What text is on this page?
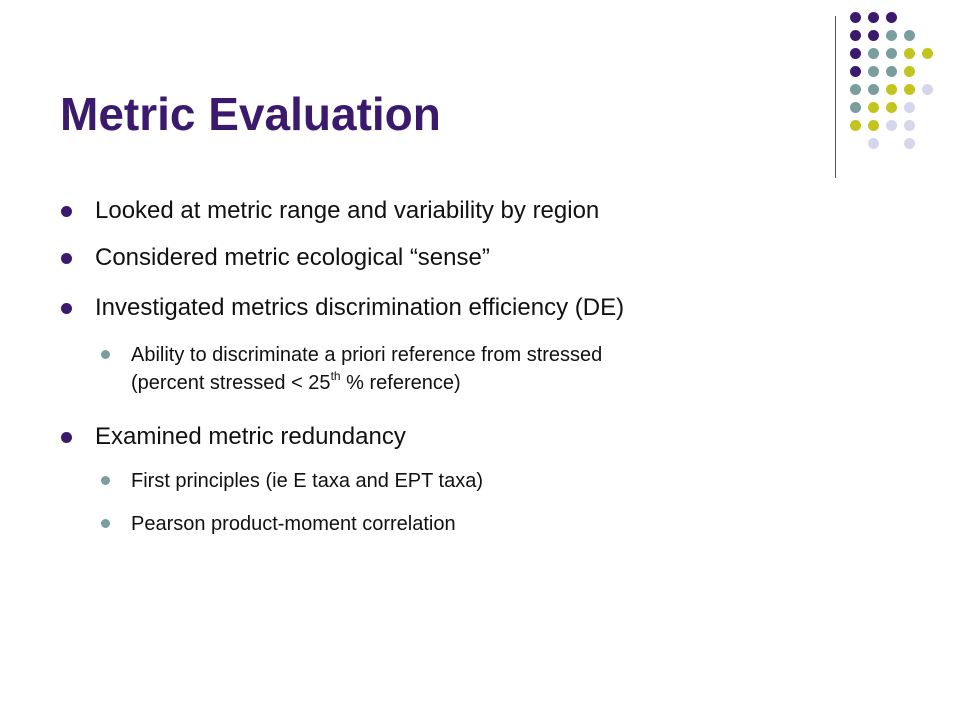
Metric Evaluation
Looked at metric range and variability by region
Considered metric ecological “sense”
Investigated metrics discrimination efficiency (DE)
Ability to discriminate a priori reference from stressed
(percent stressed < 25th % reference)
Examined metric redundancy
First principles (ie E taxa and EPT taxa)
Pearson product-moment correlation
